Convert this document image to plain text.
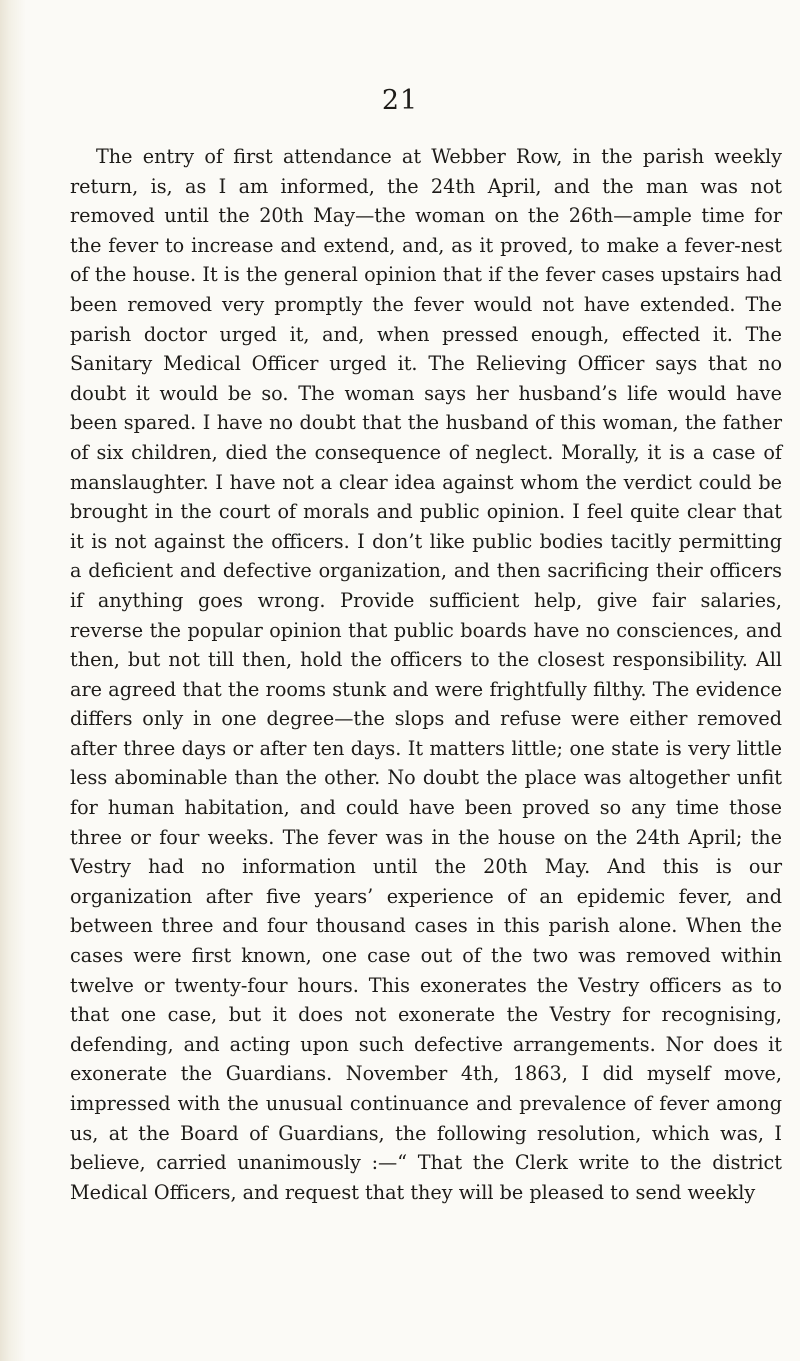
21

The entry of first attendance at Webber Row, in the parish weekly return, is, as I am informed, the 24th April, and the man was not removed until the 20th May—the woman on the 26th—ample time for the fever to increase and extend, and, as it proved, to make a fever-nest of the house. It is the general opinion that if the fever cases upstairs had been removed very promptly the fever would not have extended. The parish doctor urged it, and, when pressed enough, effected it. The Sanitary Medical Officer urged it. The Relieving Officer says that no doubt it would be so. The woman says her husband’s life would have been spared. I have no doubt that the husband of this woman, the father of six children, died the consequence of neglect. Morally, it is a case of manslaughter. I have not a clear idea against whom the verdict could be brought in the court of morals and public opinion. I feel quite clear that it is not against the officers. I don’t like public bodies tacitly permitting a deficient and defective organization, and then sacrificing their officers if anything goes wrong. Provide sufficient help, give fair salaries, reverse the popular opinion that public boards have no consciences, and then, but not till then, hold the officers to the closest responsibility. All are agreed that the rooms stunk and were frightfully filthy. The evidence differs only in one degree—the slops and refuse were either removed after three days or after ten days. It matters little; one state is very little less abominable than the other. No doubt the place was altogether unfit for human habitation, and could have been proved so any time those three or four weeks. The fever was in the house on the 24th April; the Vestry had no information until the 20th May. And this is our organization after five years’ experience of an epidemic fever, and between three and four thousand cases in this parish alone. When the cases were first known, one case out of the two was removed within twelve or twenty-four hours. This exonerates the Vestry officers as to that one case, but it does not exonerate the Vestry for recognising, defending, and acting upon such defective arrangements. Nor does it exonerate the Guardians. November 4th, 1863, I did myself move, impressed with the unusual continuance and prevalence of fever among us, at the Board of Guardians, the following resolution, which was, I believe, carried unanimously :—“ That the Clerk write to the district Medical Officers, and request that they will be pleased to send weekly
